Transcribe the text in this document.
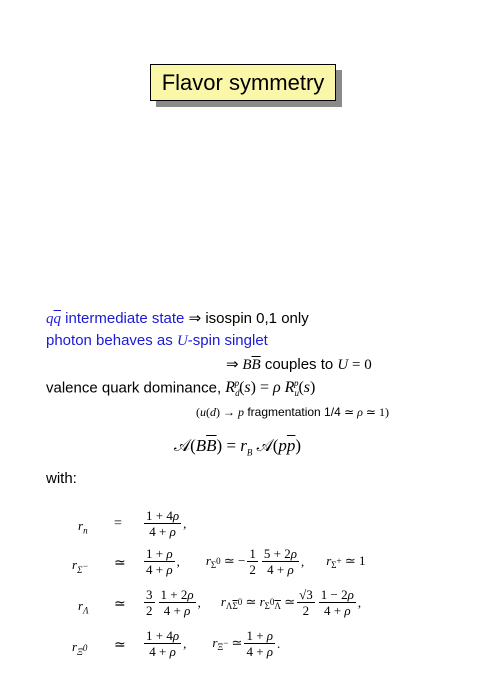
Flavor symmetry
$q\overline{q}$ intermediate state ⇒ isospin 0,1 only
photon behaves as U-spin singlet
⇒ $B\overline{B}$ couples to U = 0
valence quark dominance, $R_d^p(s) = \rho$ $R_u^p(s)$
(u(d) → p fragmentation 1/4 ≃ ρ ≃ 1)
$𝒜(B\overline{B}) = r_B$ $𝒜(p\overline{p})$
with:
$r_n = \frac{1 + 4\rho}{4 + \rho}$ ,
$r_{\Sigma^-}$ ≃ $\frac{1 + \rho}{4 + \rho}$ , $r_{\Sigma^0}$ ≃ − $\frac{1}{2} \frac{5 + 2\rho}{4 + \rho}$ , $r_{\Sigma^+}$ ≃ 1
$r_\Lambda$ ≃ $\frac{3}{2} \frac{1 + 2\rho}{4 + \rho}$ , $r_{\Lambda\overline{\Sigma}^0}$ ≃ $r_{\Sigma^0\overline{\Lambda}}$ ≃ $\frac{√3}{2} \frac{1 - 2\rho}{4 + \rho}$ ,
$r_{\Xi^0}$ ≃ $\frac{1 + 4\rho}{4 + \rho}$ , $r_{\Xi^-}$ ≃ $\frac{1 + \rho}{4 + \rho}$ .
